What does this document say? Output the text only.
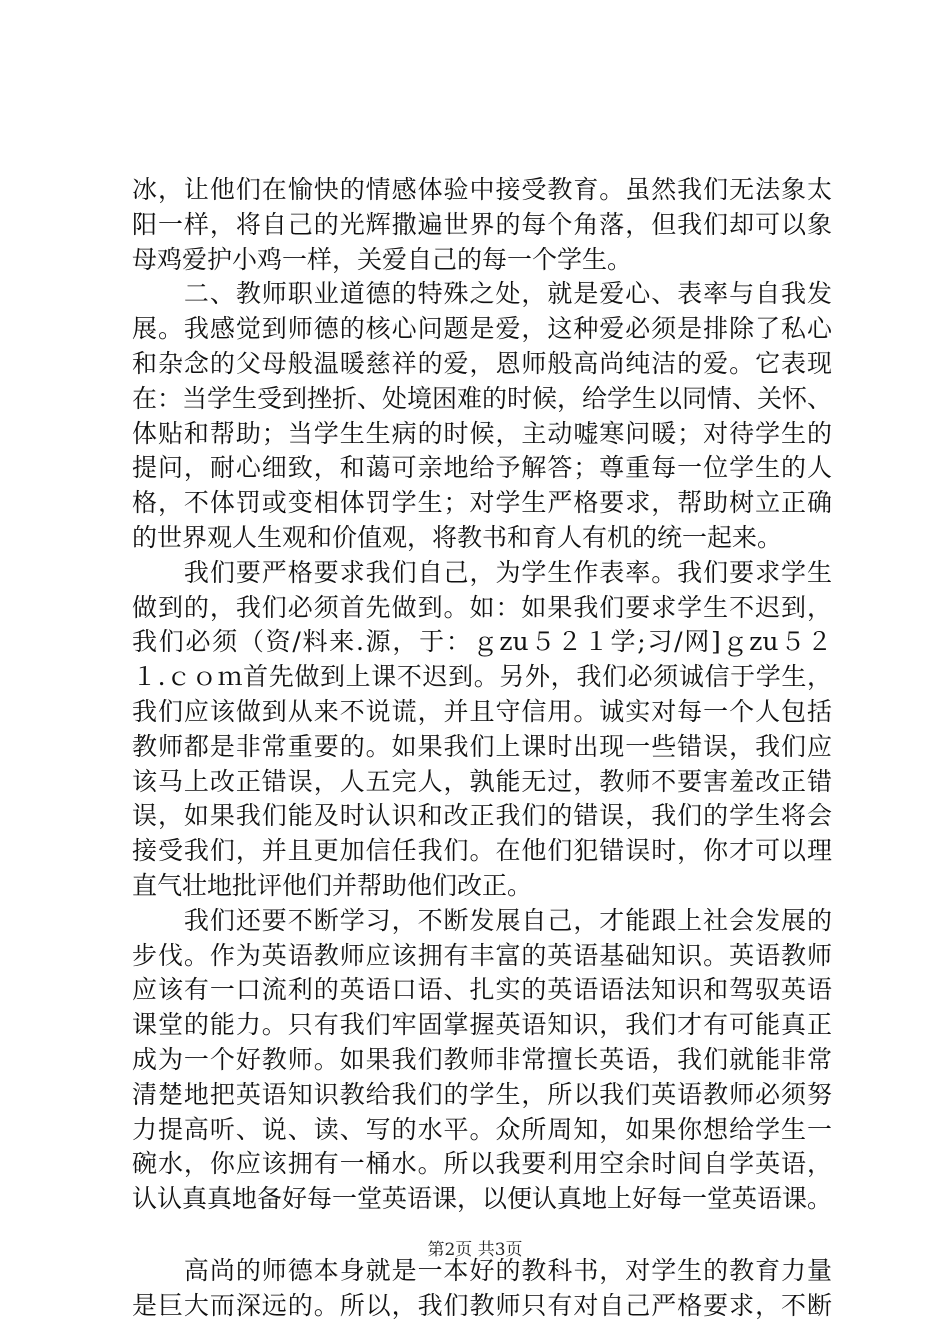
冰，让他们在愉快的情感体验中接受教育。虽然我们无法象太
阳一样，将自己的光辉撒遍世界的每个角落，但我们却可以象
母鸡爱护小鸡一样，关爱自己的每一个学生。
　　二、教师职业道德的特殊之处，就是爱心、表率与自我发
展。我感觉到师德的核心问题是爱，这种爱必须是排除了私心
和杂念的父母般温暖慈祥的爱，恩师般高尚纯洁的爱。它表现
在：当学生受到挫折、处境困难的时候，给学生以同情、关怀、
体贴和帮助；当学生生病的时候，主动嘘寒问暖；对待学生的
提问，耐心细致，和蔼可亲地给予解答；尊重每一位学生的人
格，不体罚或变相体罚学生；对学生严格要求，帮助树立正确
的世界观人生观和价值观，将教书和育人有机的统一起来。
　　我们要严格要求我们自己，为学生作表率。我们要求学生
做到的，我们必须首先做到。如：如果我们要求学生不迟到，
我们必须（资/料来.源，于：ｇzu５２１学;习/网]ｇzu５２
１.ｃｏｍ首先做到上课不迟到。另外，我们必须诚信于学生，
我们应该做到从来不说谎，并且守信用。诚实对每一个人包括
教师都是非常重要的。如果我们上课时出现一些错误，我们应
该马上改正错误，人五完人，孰能无过，教师不要害羞改正错
误，如果我们能及时认识和改正我们的错误，我们的学生将会
接受我们，并且更加信任我们。在他们犯错误时，你才可以理
直气壮地批评他们并帮助他们改正。
　　我们还要不断学习，不断发展自己，才能跟上社会发展的
步伐。作为英语教师应该拥有丰富的英语基础知识。英语教师
应该有一口流利的英语口语、扎实的英语语法知识和驾驭英语
课堂的能力。只有我们牢固掌握英语知识，我们才有可能真正
成为一个好教师。如果我们教师非常擅长英语，我们就能非常
清楚地把英语知识教给我们的学生，所以我们英语教师必须努
力提高听、说、读、写的水平。众所周知，如果你想给学生一
碗水，你应该拥有一桶水。所以我要利用空余时间自学英语，
认认真真地备好每一堂英语课，以便认真地上好每一堂英语课。
　　高尚的师德本身就是一本好的教科书，对学生的教育力量
是巨大而深远的。所以，我们教师只有对自己严格要求，不断
第2页 共3页
